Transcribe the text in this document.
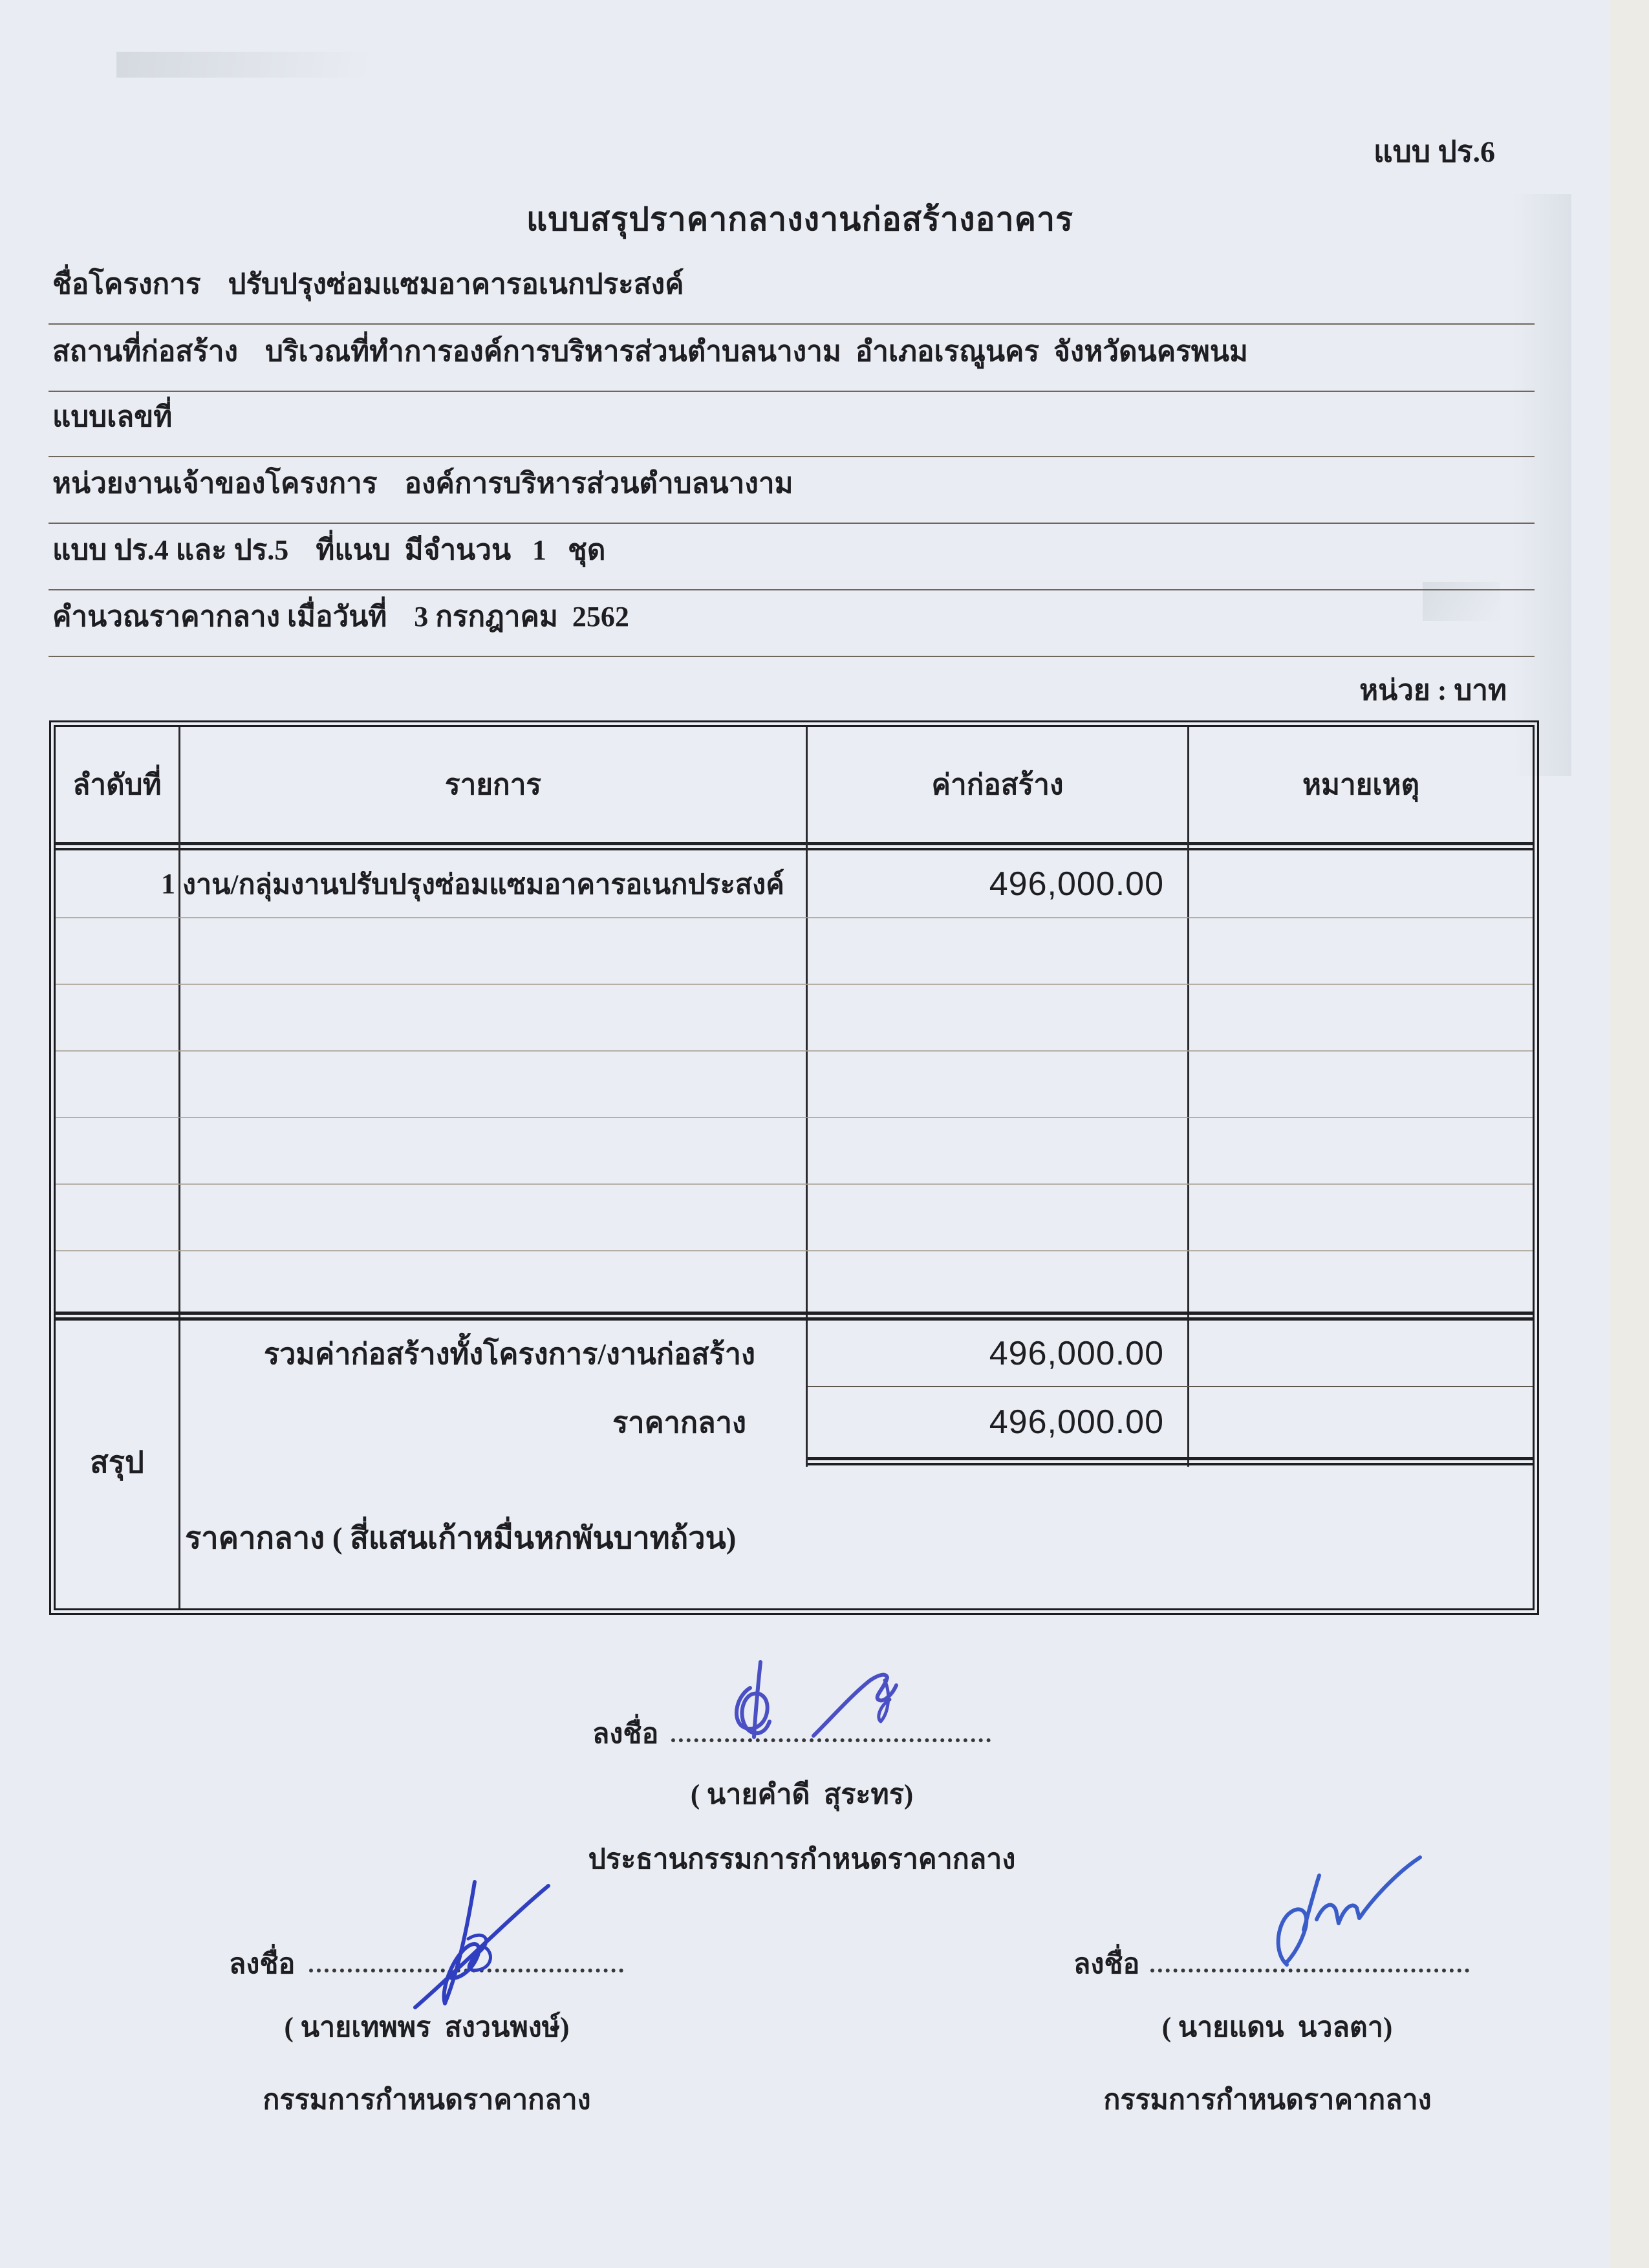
แบบ ปร.6
แบบสรุปราคากลางงานก่อสร้างอาคาร
ชื่อโครงการ ปรับปรุงซ่อมแซมอาคารอเนกประสงค์
สถานที่ก่อสร้าง บริเวณที่ทำการองค์การบริหารส่วนตำบลนางาม  อำเภอเรณูนคร  จังหวัดนครพนม
แบบเลขที่
หน่วยงานเจ้าของโครงการ องค์การบริหารส่วนตำบลนางาม
แบบ ปร.4 และ ปร.5 ที่แนบ  มีจำนวน   1   ชุด
คำนวณราคากลาง เมื่อวันที่ 3 กรกฎาคม  2562
หน่วย : บาท
ลำดับที่	รายการ	ค่าก่อสร้าง	หมายเหตุ
1 งาน/กลุ่มงานปรับปรุงซ่อมแซมอาคารอเนกประสงค์	496,000.00
รวมค่าก่อสร้างทั้งโครงการ/งานก่อสร้าง	496,000.00
ราคากลาง	496,000.00
สรุป
ราคากลาง ( สี่แสนเก้าหมื่นหกพันบาทถ้วน)
ลงชื่อ
( นายคำดี  สุระทร)
ประธานกรรมการกำหนดราคากลาง
ลงชื่อ
( นายเทพพร  สงวนพงษ์)
กรรมการกำหนดราคากลาง
ลงชื่อ
( นายแดน  นวลตา)
กรรมการกำหนดราคากลาง
